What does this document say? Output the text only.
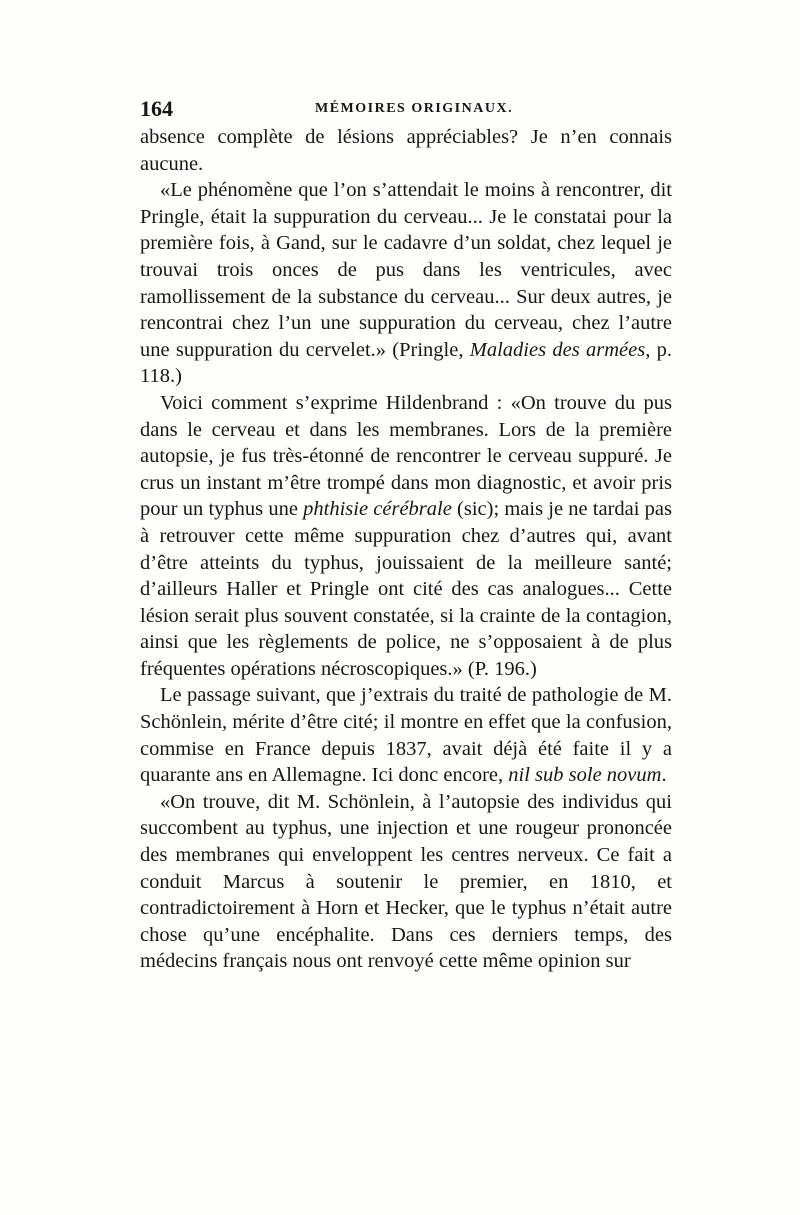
164	MÉMOIRES ORIGINAUX.

absence complète de lésions appréciables? Je n’en connais aucune.

«Le phénomène que l’on s’attendait le moins à rencontrer, dit Pringle, était la suppuration du cerveau... Je le constatai pour la première fois, à Gand, sur le cadavre d’un soldat, chez lequel je trouvai trois onces de pus dans les ventricules, avec ramollissement de la substance du cerveau... Sur deux autres, je rencontrai chez l’un une suppuration du cerveau, chez l’autre une suppuration du cervelet.» (Pringle, Maladies des armées, p. 118.)

Voici comment s’exprime Hildenbrand : «On trouve du pus dans le cerveau et dans les membranes. Lors de la première autopsie, je fus très-étonné de rencontrer le cerveau suppuré. Je crus un instant m’être trompé dans mon diagnostic, et avoir pris pour un typhus une phthisie cérébrale (sic); mais je ne tardai pas à retrouver cette même suppuration chez d’autres qui, avant d’être atteints du typhus, jouissaient de la meilleure santé; d’ailleurs Haller et Pringle ont cité des cas analogues... Cette lésion serait plus souvent constatée, si la crainte de la contagion, ainsi que les règlements de police, ne s’opposaient à de plus fréquentes opérations nécroscopiques.» (P. 196.)

Le passage suivant, que j’extrais du traité de pathologie de M. Schönlein, mérite d’être cité; il montre en effet que la confusion, commise en France depuis 1837, avait déjà été faite il y a quarante ans en Allemagne. Ici donc encore, nil sub sole novum.

«On trouve, dit M. Schönlein, à l’autopsie des individus qui succombent au typhus, une injection et une rougeur prononcée des membranes qui enveloppent les centres nerveux. Ce fait a conduit Marcus à soutenir le premier, en 1810, et contradictoirement à Horn et Hecker, que le typhus n’était autre chose qu’une encéphalite. Dans ces derniers temps, des médecins français nous ont renvoyé cette même opinion sur
